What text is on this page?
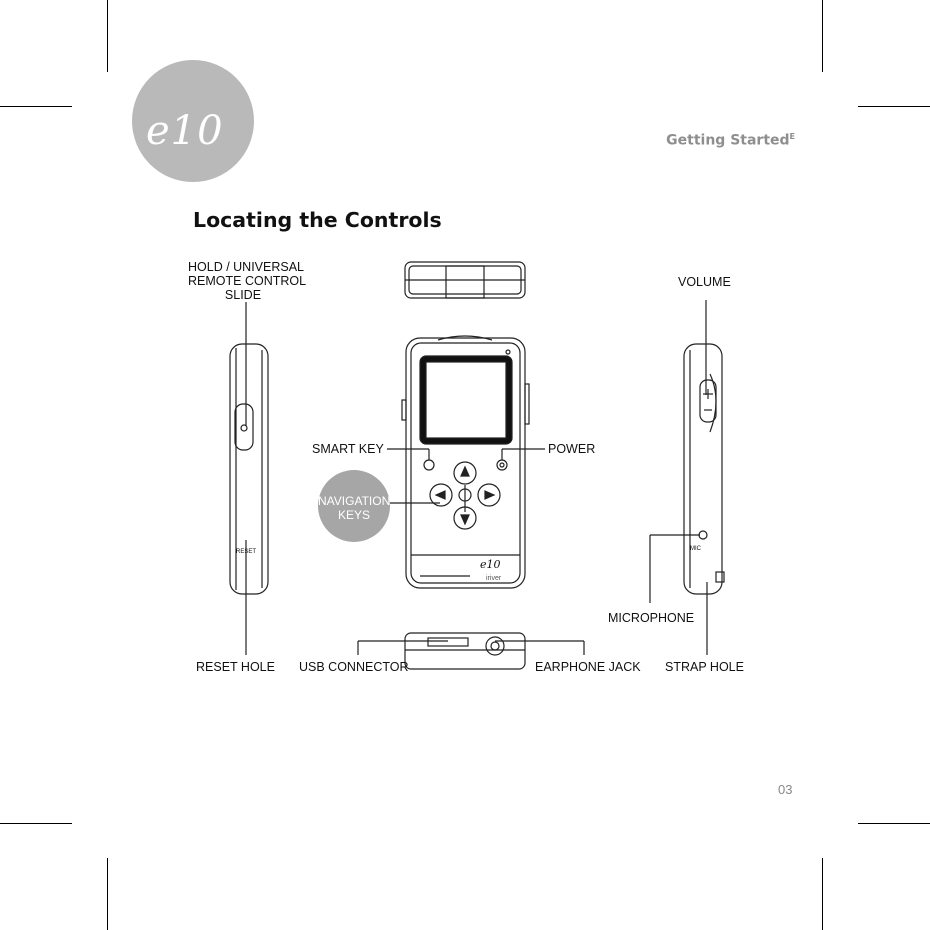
e10	Getting Started$^E$
Locating the Controls
e10
iriver
MIC
RESET
HOLD / UNIVERSAL
REMOTE CONTROL
SLIDE
VOLUME
SMART KEY	POWER
NAVIGATION
KEYS
MICROPHONE
RESET HOLE USB CONNECTOR	EARPHONE JACK STRAP HOLE
03
